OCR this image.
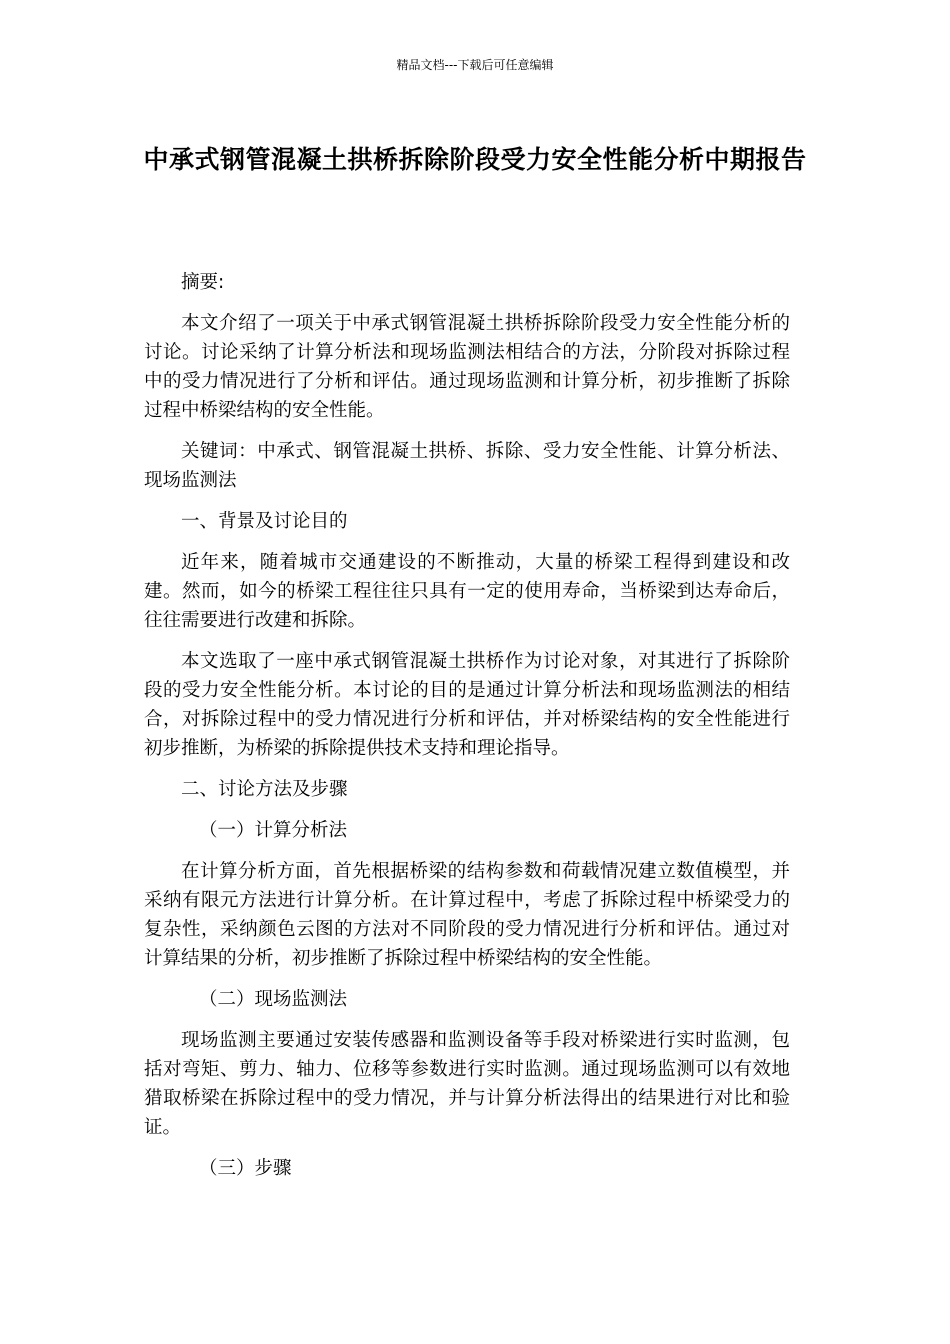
精品文档---下载后可任意编辑
中承式钢管混凝土拱桥拆除阶段受力安全性能分析中期报告

摘要:

本文介绍了一项关于中承式钢管混凝土拱桥拆除阶段受力安全性能分析的讨论。讨论采纳了计算分析法和现场监测法相结合的方法，分阶段对拆除过程中的受力情况进行了分析和评估。通过现场监测和计算分析，初步推断了拆除过程中桥梁结构的安全性能。

关键词：中承式、钢管混凝土拱桥、拆除、受力安全性能、计算分析法、现场监测法

一、背景及讨论目的

近年来，随着城市交通建设的不断推动，大量的桥梁工程得到建设和改建。然而，如今的桥梁工程往往只具有一定的使用寿命，当桥梁到达寿命后，往往需要进行改建和拆除。

本文选取了一座中承式钢管混凝土拱桥作为讨论对象，对其进行了拆除阶段的受力安全性能分析。本讨论的目的是通过计算分析法和现场监测法的相结合，对拆除过程中的受力情况进行分析和评估，并对桥梁结构的安全性能进行初步推断，为桥梁的拆除提供技术支持和理论指导。

二、讨论方法及步骤

（一）计算分析法

在计算分析方面，首先根据桥梁的结构参数和荷载情况建立数值模型，并采纳有限元方法进行计算分析。在计算过程中，考虑了拆除过程中桥梁受力的复杂性，采纳颜色云图的方法对不同阶段的受力情况进行分析和评估。通过对计算结果的分析，初步推断了拆除过程中桥梁结构的安全性能。

（二）现场监测法

现场监测主要通过安装传感器和监测设备等手段对桥梁进行实时监测，包括对弯矩、剪力、轴力、位移等参数进行实时监测。通过现场监测可以有效地猎取桥梁在拆除过程中的受力情况，并与计算分析法得出的结果进行对比和验证。

（三）步骤
